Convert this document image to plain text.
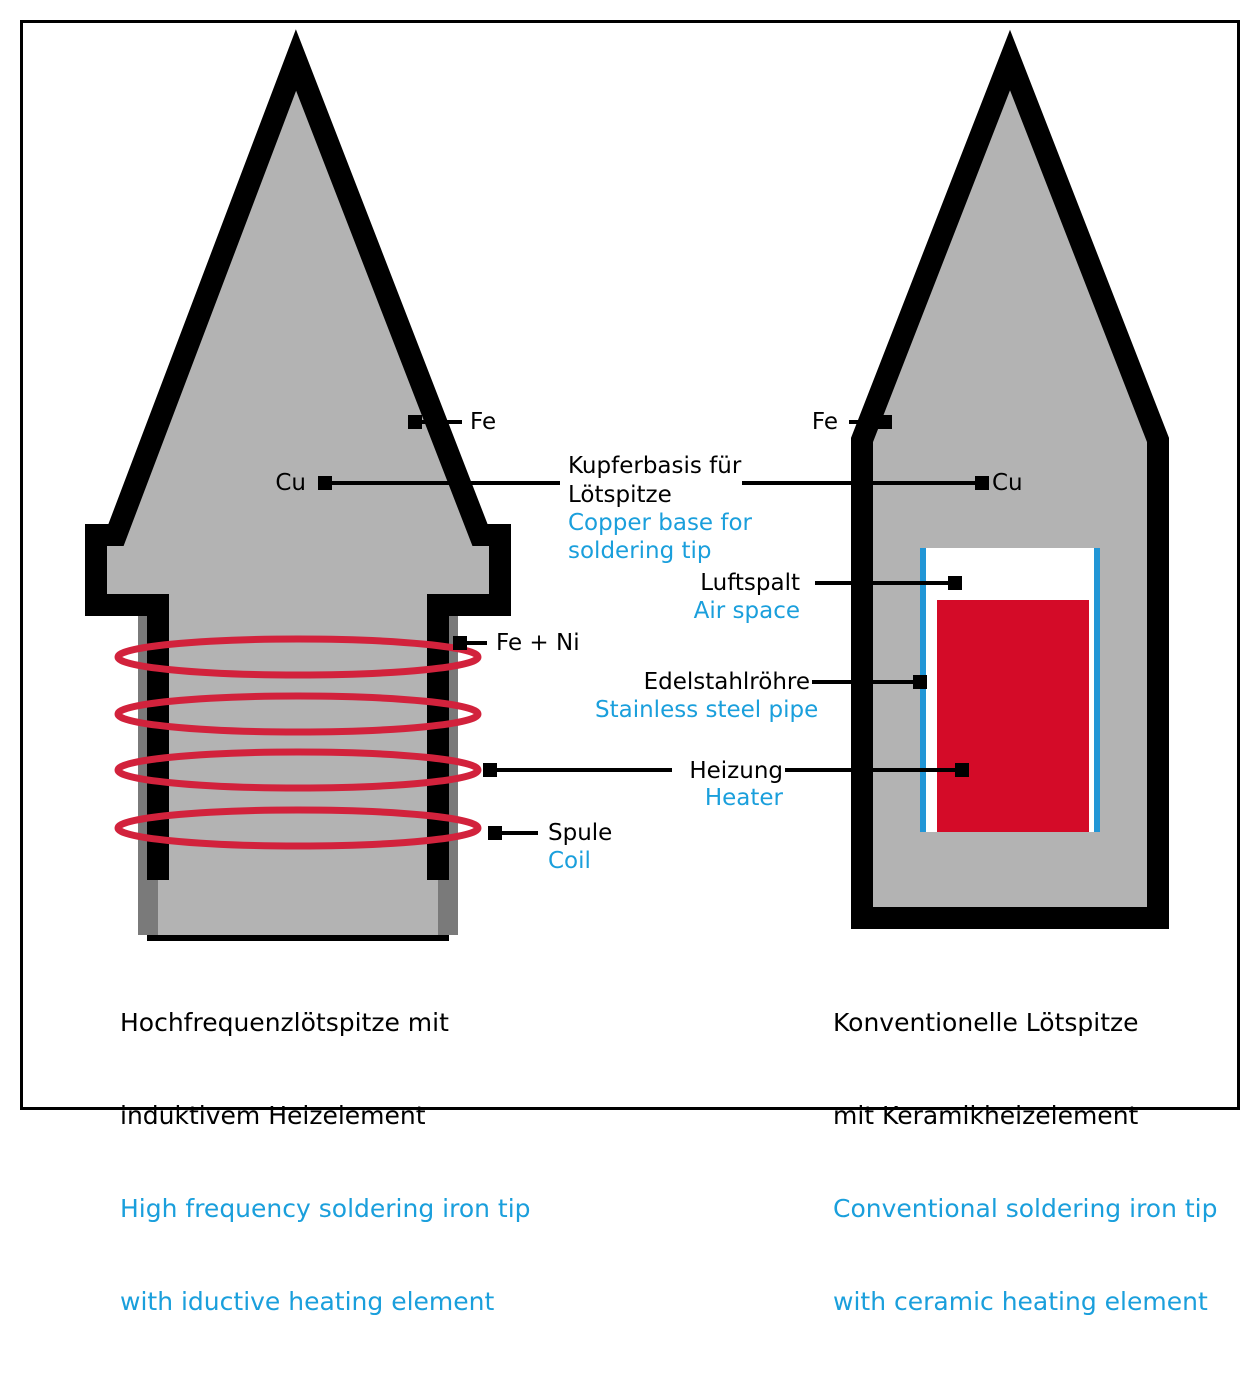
Fe
Cu
Fe + Ni
Spule
Coil
Kupferbasis für
Lötspitze
Copper base for
soldering tip
Luftspalt
Air space
Edelstahlröhre
Stainless steel pipe
Heizung
Heater
Fe
Cu

Hochfrequenzlötspitze mit

induktivem Heizelement

High frequency soldering iron tip

with iductive heating element

Konventionelle Lötspitze

mit Keramikheizelement

Conventional soldering iron tip

with ceramic heating element
